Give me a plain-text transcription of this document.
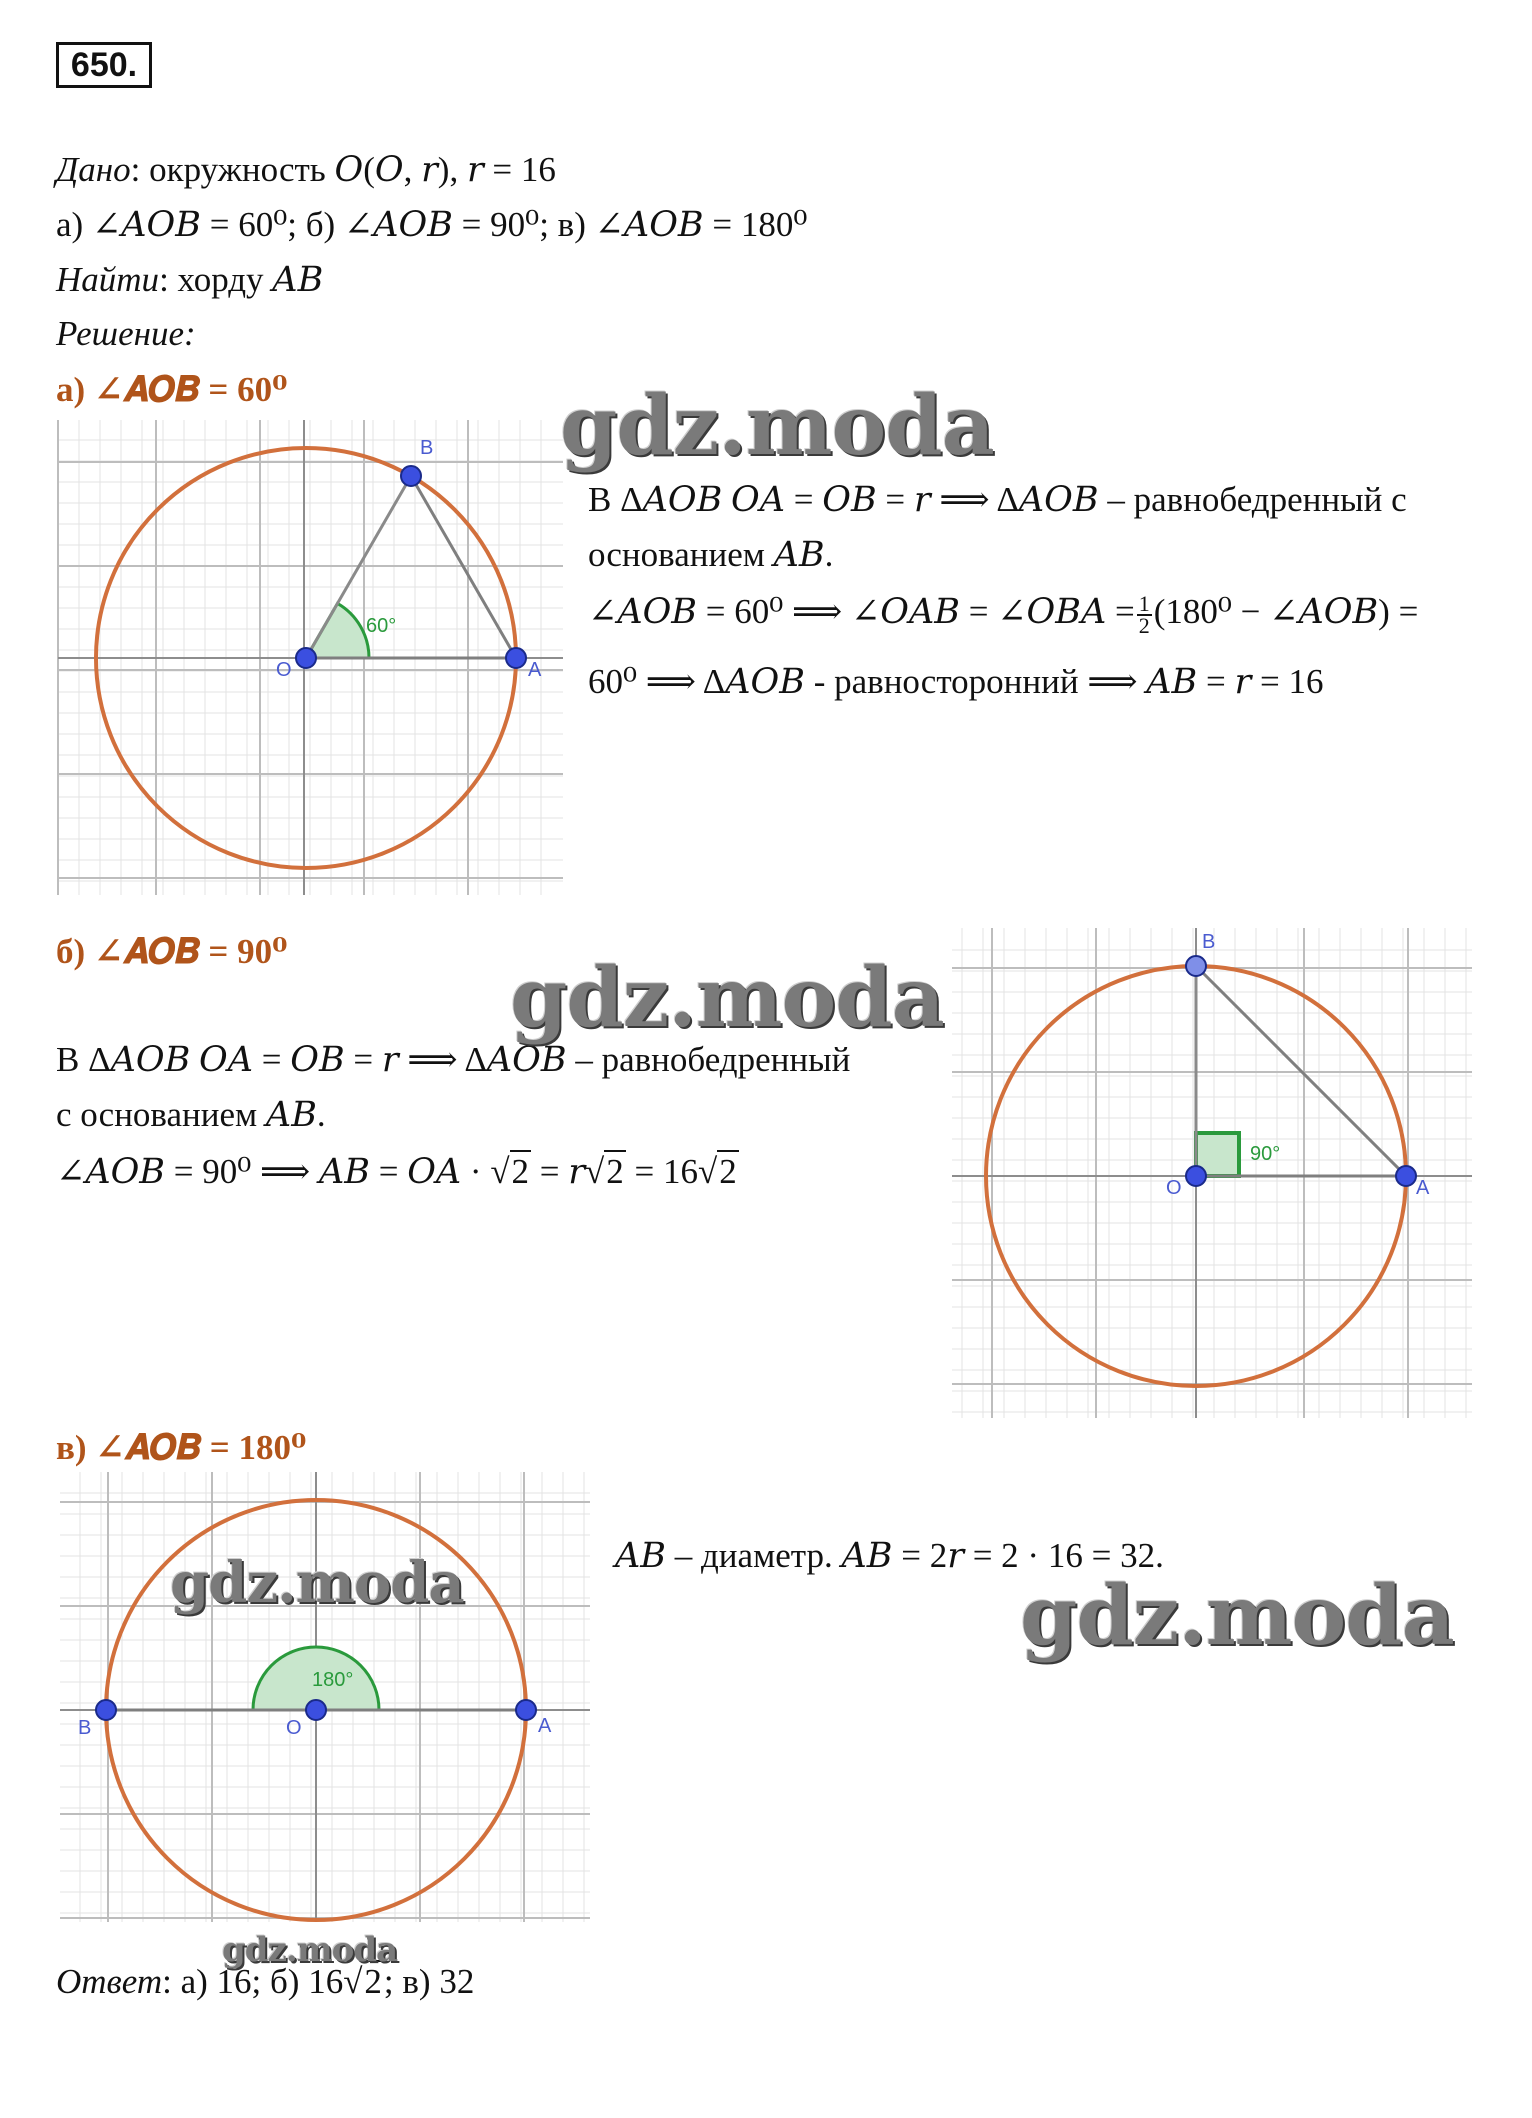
650.
Дано: окружность 𝑂(𝑂, 𝑟), 𝑟 = 16
а) ∠𝐴𝑂𝐵 = 60⁰; б) ∠𝐴𝑂𝐵 = 90⁰; в) ∠𝐴𝑂𝐵 = 180⁰
Найти: хорду 𝐴𝐵
Решение:
а) ∠𝑨𝑶𝑩 = 60⁰
60°
O	A
B
В Δ𝐴𝑂𝐵 𝑂𝐴 = 𝑂𝐵 = 𝑟 ⟹ Δ𝐴𝑂𝐵 – равнобедренный с
основанием 𝐴𝐵.
∠𝐴𝑂𝐵 = 60⁰ ⟹ ∠𝑂𝐴𝐵 = ∠𝑂𝐵𝐴 = $\frac{1}{2} (180^0$ − ∠𝐴𝑂𝐵) =
60⁰ ⟹ Δ𝐴𝑂𝐵 - равносторонний ⟹ 𝐴𝐵 = 𝑟 = 16
б) ∠𝑨𝑶𝑩 = 90⁰
90°
O	A
B
В Δ𝐴𝑂𝐵 𝑂𝐴 = 𝑂𝐵 = 𝑟 ⟹ Δ𝐴𝑂𝐵 – равнобедренный
с основанием 𝐴𝐵.
∠𝐴𝑂𝐵 = 90⁰ ⟹ 𝐴𝐵 = 𝑂𝐴 · √2 = 𝑟√2 = 16√2
в) ∠𝑨𝑶𝑩 = 180⁰
180°
O	A
B
𝐴𝐵 – диаметр. 𝐴𝐵 = 2𝑟 = 2 · 16 = 32.
Ответ: а) 16; б) 16√2; в) 32
gdz.moda
gdz.moda
gdz.moda	gdz.moda
gdz.moda
